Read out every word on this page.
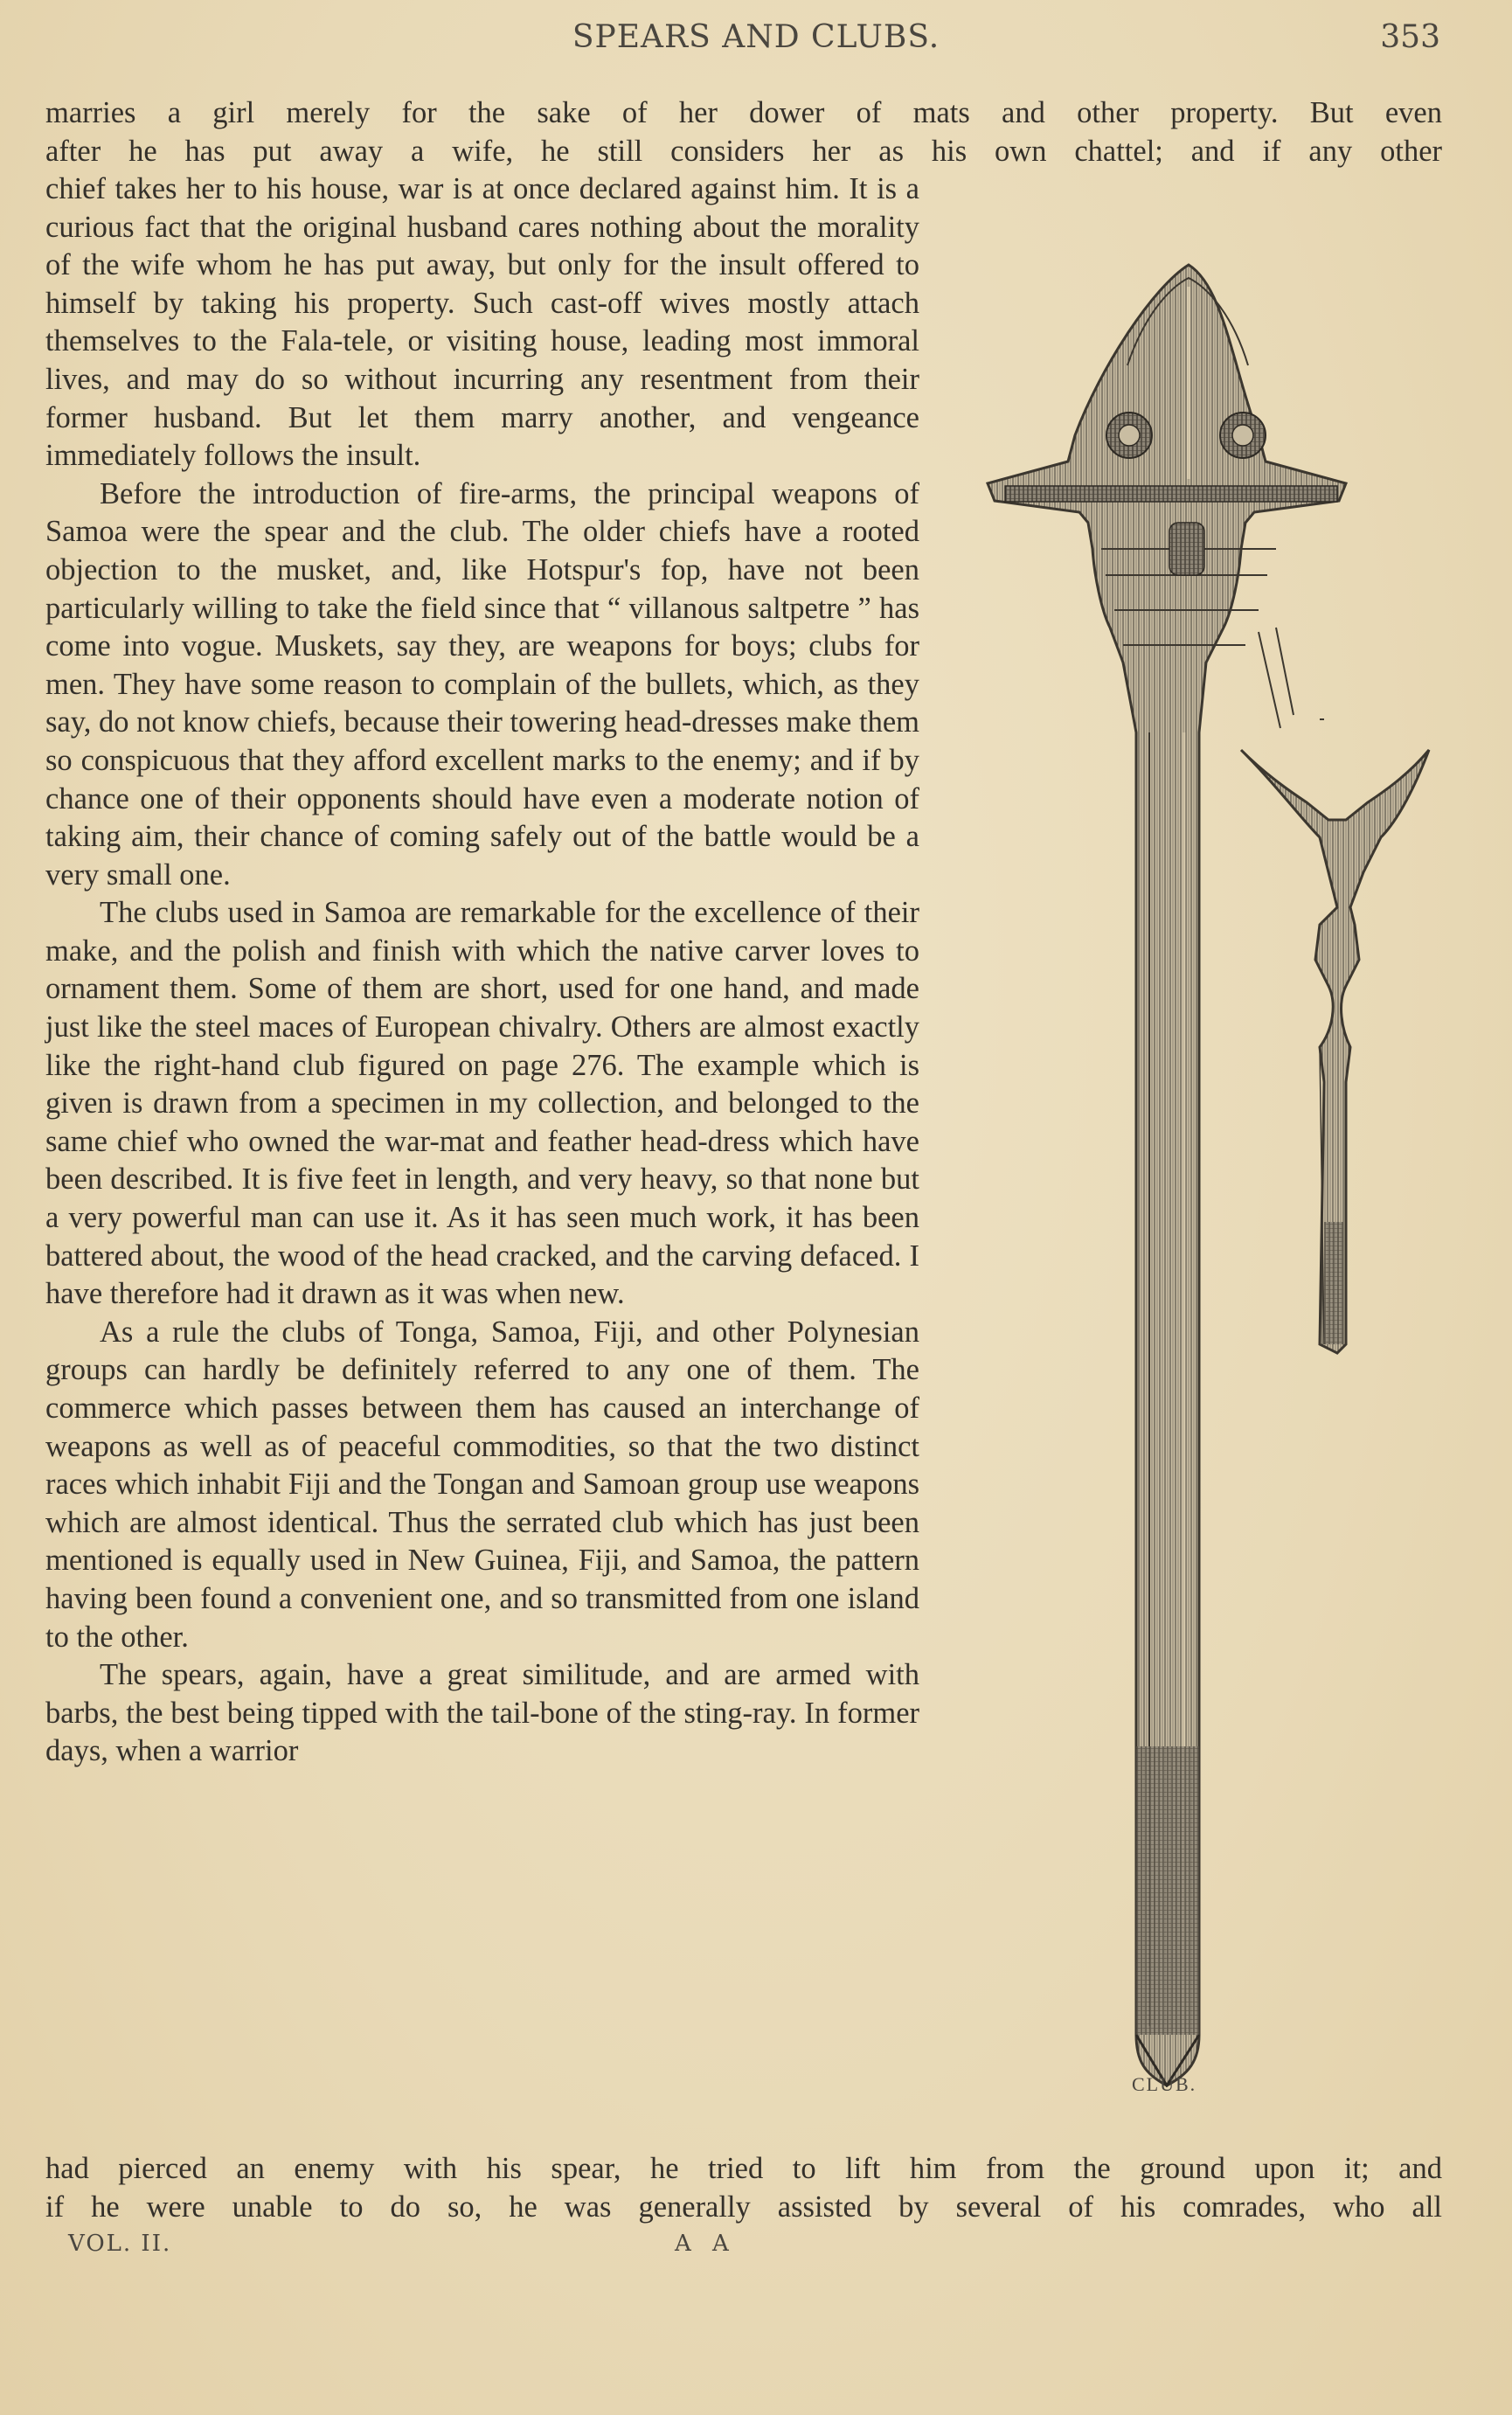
SPEARS AND CLUBS.	353
marries a girl merely for the sake of her dower of mats and other property. But even
after he has put away a wife, he still considers her as his own chattel; and if any other

chief takes her to his house, war is at once declared against him. It is a curious fact that the original husband cares nothing about the morality of the wife whom he has put away, but only for the insult offered to himself by taking his property. Such cast-off wives mostly attach themselves to the Fala-tele, or visiting house, leading most immoral lives, and may do so without incurring any resentment from their former husband. But let them marry another, and vengeance immediately follows the insult.

Before the introduction of fire-arms, the principal weapons of Samoa were the spear and the club. The older chiefs have a rooted objection to the musket, and, like Hotspur's fop, have not been particularly willing to take the field since that “ villanous saltpetre ” has come into vogue. Muskets, say they, are weapons for boys; clubs for men. They have some reason to complain of the bullets, which, as they say, do not know chiefs, because their towering head-dresses make them so conspicuous that they afford excellent marks to the enemy; and if by chance one of their opponents should have even a moderate notion of taking aim, their chance of coming safely out of the battle would be a very small one.

The clubs used in Samoa are remarkable for the excellence of their make, and the polish and finish with which the native carver loves to ornament them. Some of them are short, used for one hand, and made just like the steel maces of European chivalry. Others are almost exactly like the right-hand club figured on page 276. The example which is given is drawn from a specimen in my collection, and belonged to the same chief who owned the war-mat and feather head-dress which have been described. It is five feet in length, and very heavy, so that none but a very powerful man can use it. As it has seen much work, it has been battered about, the wood of the head cracked, and the carving defaced. I have therefore had it drawn as it was when new.

As a rule the clubs of Tonga, Samoa, Fiji, and other Polynesian groups can hardly be definitely referred to any one of them. The commerce which passes between them has caused an interchange of weapons as well as of peaceful commodities, so that the two distinct races which inhabit Fiji and the Tongan and Samoan group use weapons which are almost identical. Thus the serrated club which has just been mentioned is equally used in New Guinea, Fiji, and Samoa, the pattern having been found a convenient one, and so transmitted from one island to the other.

The spears, again, have a great similitude, and are armed with barbs, the best being tipped with the tail-bone of the sting-ray. In former days, when a warrior

CLUB.
had pierced an enemy with his spear, he tried to lift him from the ground upon it; and
if he were unable to do so, he was generally assisted by several of his comrades, who all
VOL. II.	A A
